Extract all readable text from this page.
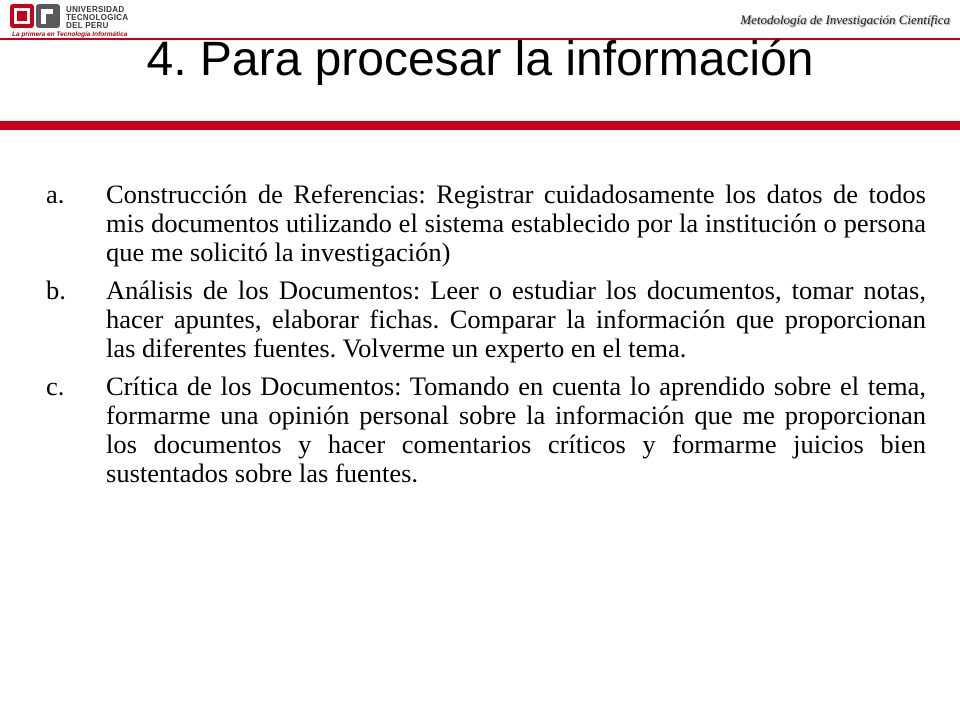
UNIVERSIDAD
TECNOLOGICA
DEL PERU
La primera en Tecnología Informática
Metodología de Investigación Científica
4. Para procesar la información
a.	Construcción de Referencias: Registrar cuidadosamente los datos de todos mis documentos utilizando el sistema establecido por la institución o persona que me solicitó la investigación)
b.	Análisis de los Documentos: Leer o estudiar los documentos, tomar notas, hacer apuntes, elaborar fichas. Comparar la información que proporcionan las diferentes fuentes. Volverme un experto en el tema.
c.	Crítica de los Documentos: Tomando en cuenta lo aprendido sobre el tema, formarme una opinión personal sobre la información que me proporcionan los documentos y hacer comentarios críticos y formarme juicios bien sustentados sobre las fuentes.
